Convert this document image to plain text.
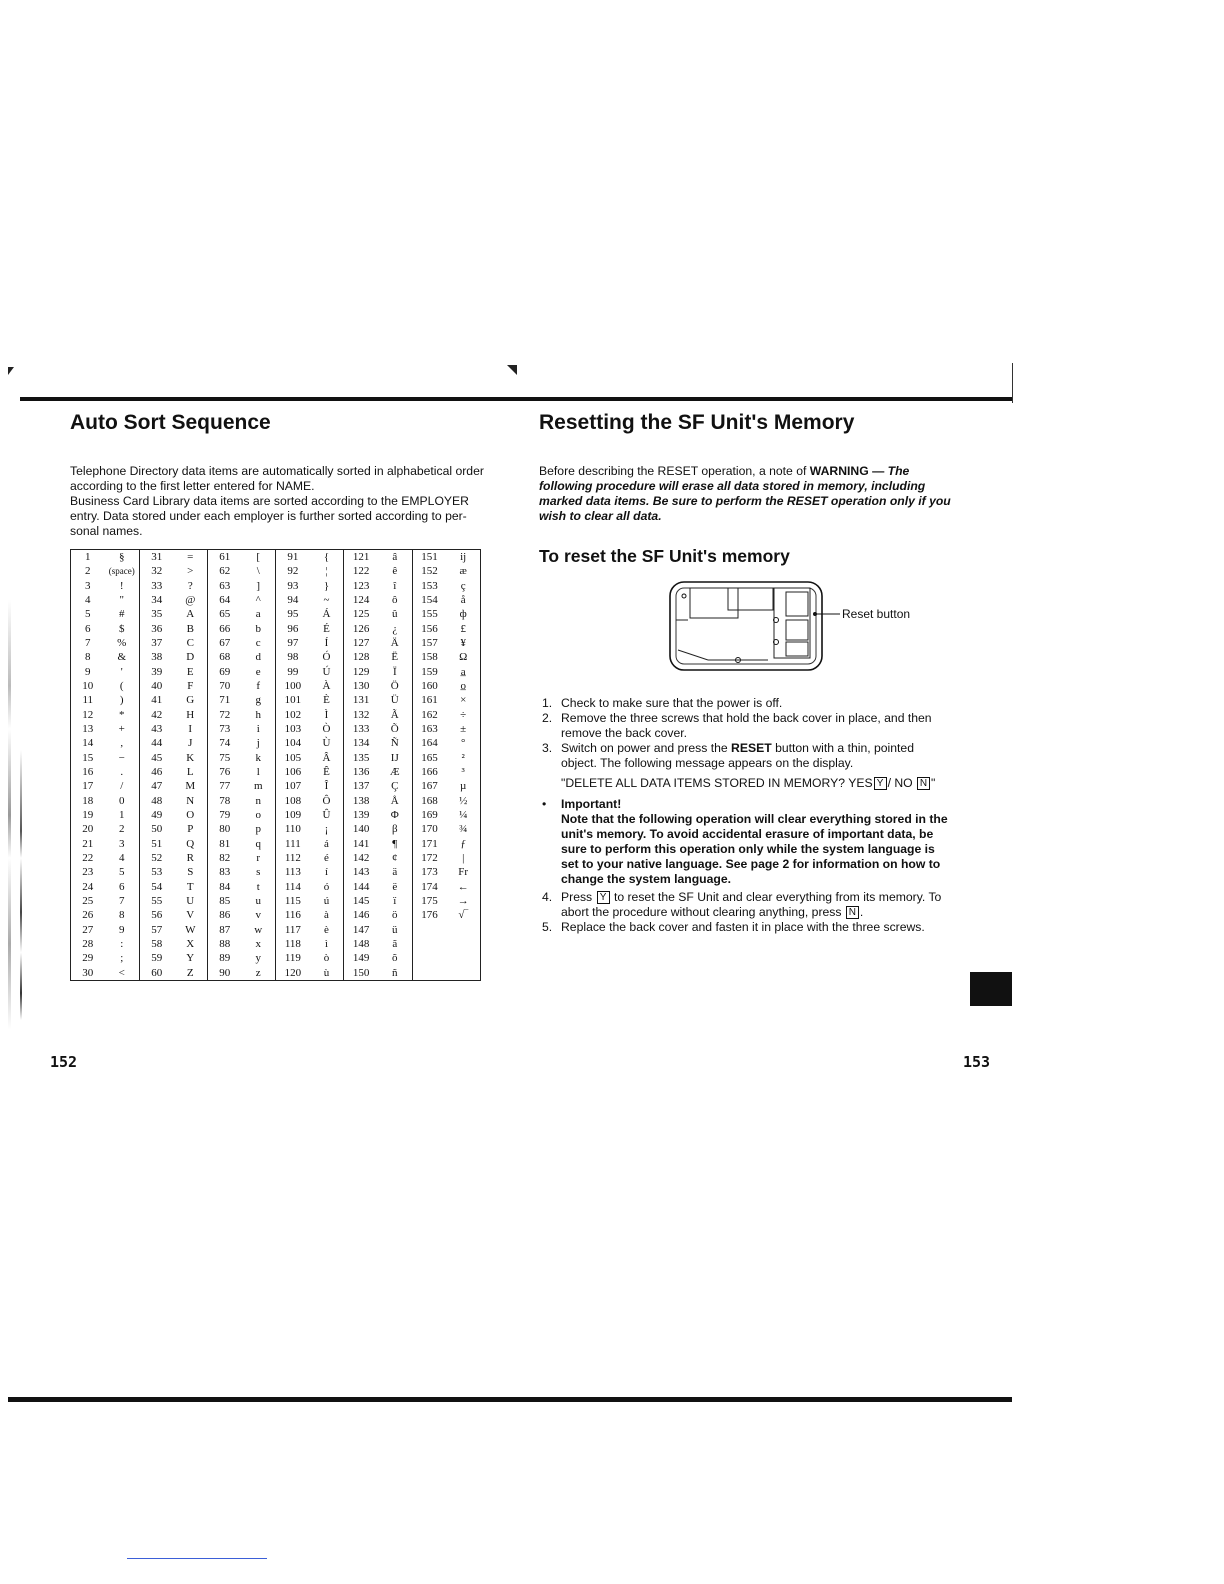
Auto Sort Sequence
Telephone Directory data items are automatically sorted in alphabetical order
according to the first letter entered for NAME.
Business Card Library data items are sorted according to the EMPLOYER
entry. Data stored under each employer is further sorted according to per-
sonal names.
1	§	31	=	61	[	91	{	121	â	151	ij
2	(space)	32	>	62	\	92	¦	122	ê	152	æ
3	!	33	?	63	]	93	}	123	î	153	ç
4	"	34	@	64	^	94	~	124	ô	154	å
5	#	35	A	65	a	95	Á	125	û	155	ф
6	$	36	B	66	b	96	É	126	¿	156	£
7	%	37	C	67	c	97	Í	127	Ä	157	¥
8	&	38	D	68	d	98	Ó	128	Ë	158	Ω
9	'	39	E	69	e	99	Ú	129	Ï	159	a̲
10	(	40	F	70	f	100	À	130	Ö	160	o̲
11	)	41	G	71	g	101	È	131	Ü	161	×
12	*	42	H	72	h	102	Ì	132	Ã	162	÷
13	+	43	I	73	i	103	Ò	133	Õ	163	±
14	,	44	J	74	j	104	Ù	134	Ñ	164	°
15	−	45	K	75	k	105	Â	135	IJ	165	²
16	.	46	L	76	l	106	Ê	136	Æ	166	³
17	/	47	M	77	m	107	Î	137	Ç	167	µ
18	0	48	N	78	n	108	Ô	138	Å	168	½
19	1	49	O	79	o	109	Û	139	Φ	169	¼
20	2	50	P	80	p	110	¡	140	β	170	¾
21	3	51	Q	81	q	111	á	141	¶	171	ƒ
22	4	52	R	82	r	112	é	142	¢	172	|
23	5	53	S	83	s	113	í	143	ä	173	Fr
24	6	54	T	84	t	114	ó	144	ë	174	←
25	7	55	U	85	u	115	ú	145	ï	175	→
26	8	56	V	86	v	116	à	146	ö	176	√‾
27	9	57	W	87	w	117	è	147	ü		
28	:	58	X	88	x	118	ì	148	ã		
29	;	59	Y	89	y	119	ò	149	õ		
30	<	60	Z	90	z	120	ù	150	ñ		
152
Resetting the SF Unit's Memory
Before describing the RESET operation, a note of WARNING — The following procedure will erase all data stored in memory, including marked data items. Be sure to perform the RESET operation only if you wish to clear all data.
To reset the SF Unit's memory
Reset button
1. Check to make sure that the power is off.
2. Remove the three screws that hold the back cover in place, and then remove the back cover.
3. Switch on power and press the RESET button with a thin, pointed object. The following message appears on the display.
"DELETE ALL DATA ITEMS STORED IN MEMORY? YES Y / NO N "
• Important!
Note that the following operation will clear everything stored in the unit's memory. To avoid accidental erasure of important data, be sure to perform this operation only while the system language is set to your native language. See page 2 for information on how to change the system language.
4. Press Y to reset the SF Unit and clear everything from its memory. To abort the procedure without clearing anything, press N .
5. Replace the back cover and fasten it in place with the three screws.
153
